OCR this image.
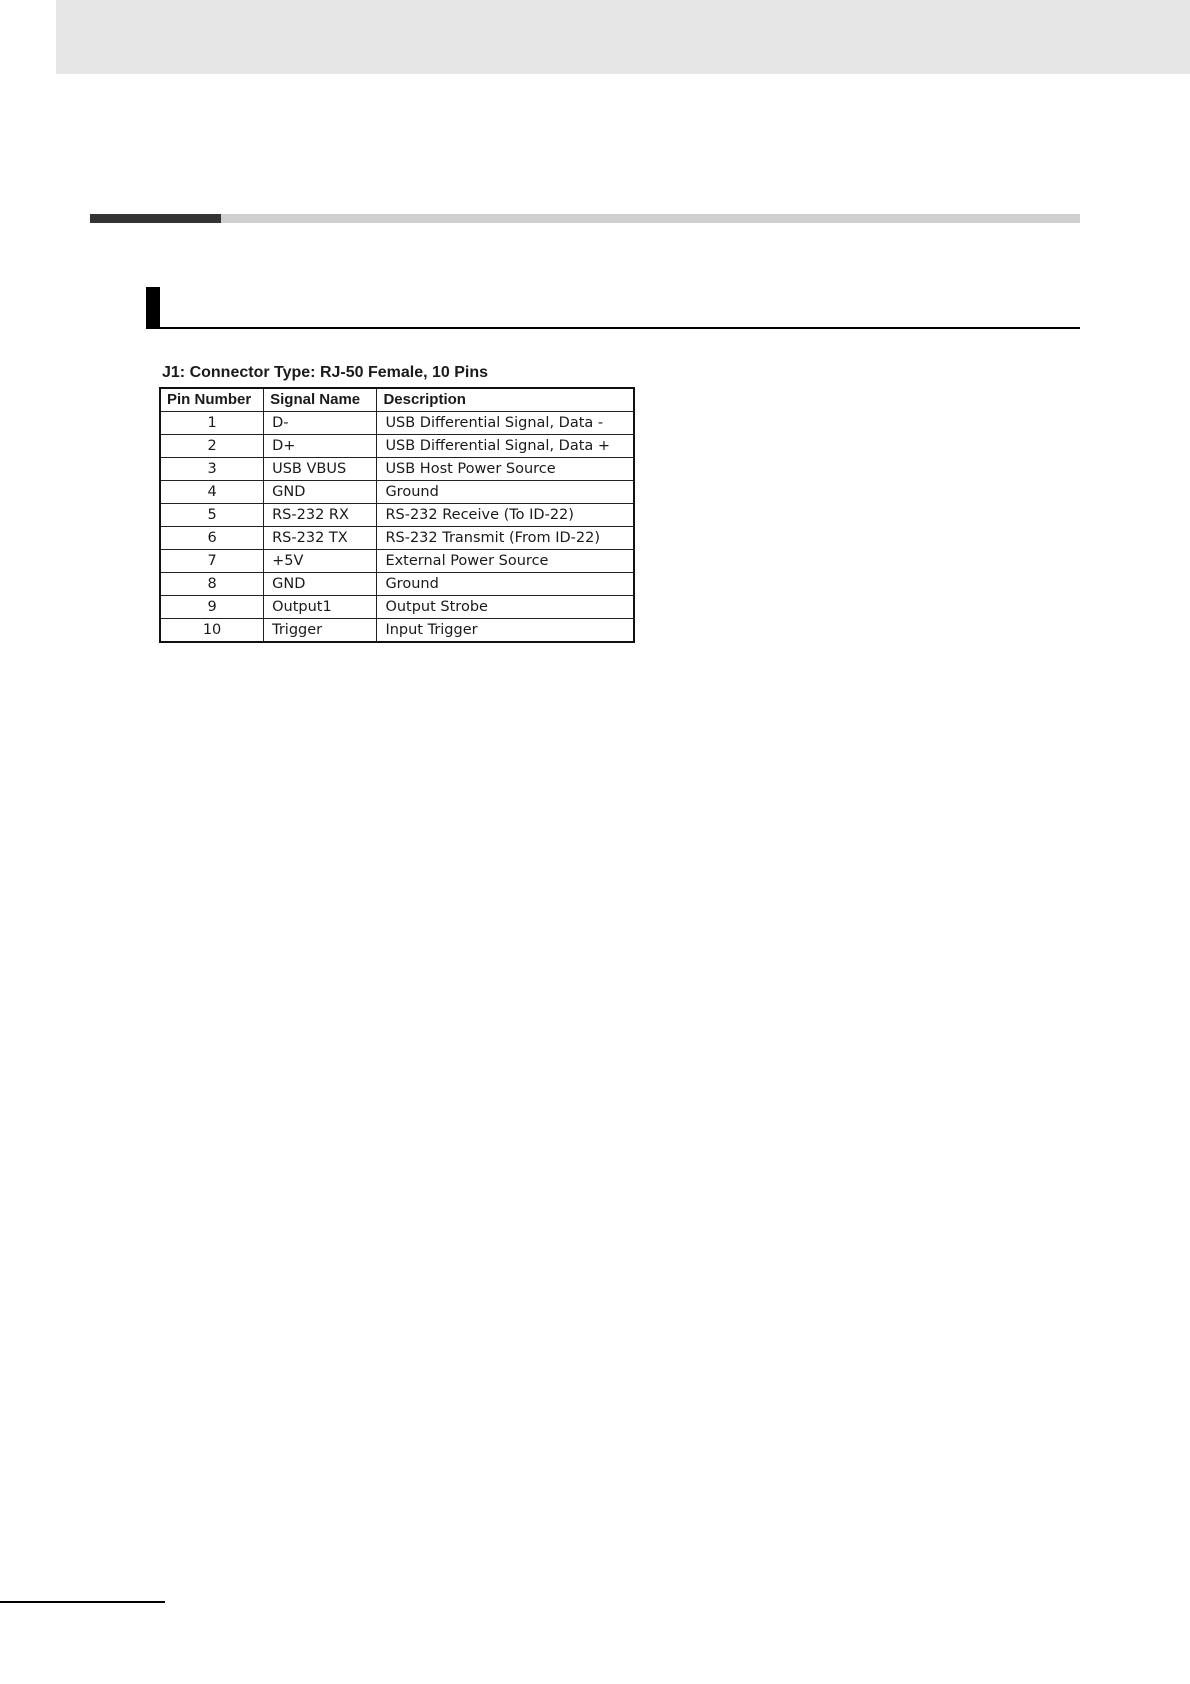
J1: Connector Type: RJ-50 Female, 10 Pins
Pin Number	Signal Name	Description
1	D-	USB Differential Signal, Data -
2	D+	USB Differential Signal, Data +
3	USB VBUS	USB Host Power Source
4	GND	Ground
5	RS-232 RX	RS-232 Receive (To ID-22)
6	RS-232 TX	RS-232 Transmit (From ID-22)
7	+5V	External Power Source
8	GND	Ground
9	Output1	Output Strobe
10	Trigger	Input Trigger
